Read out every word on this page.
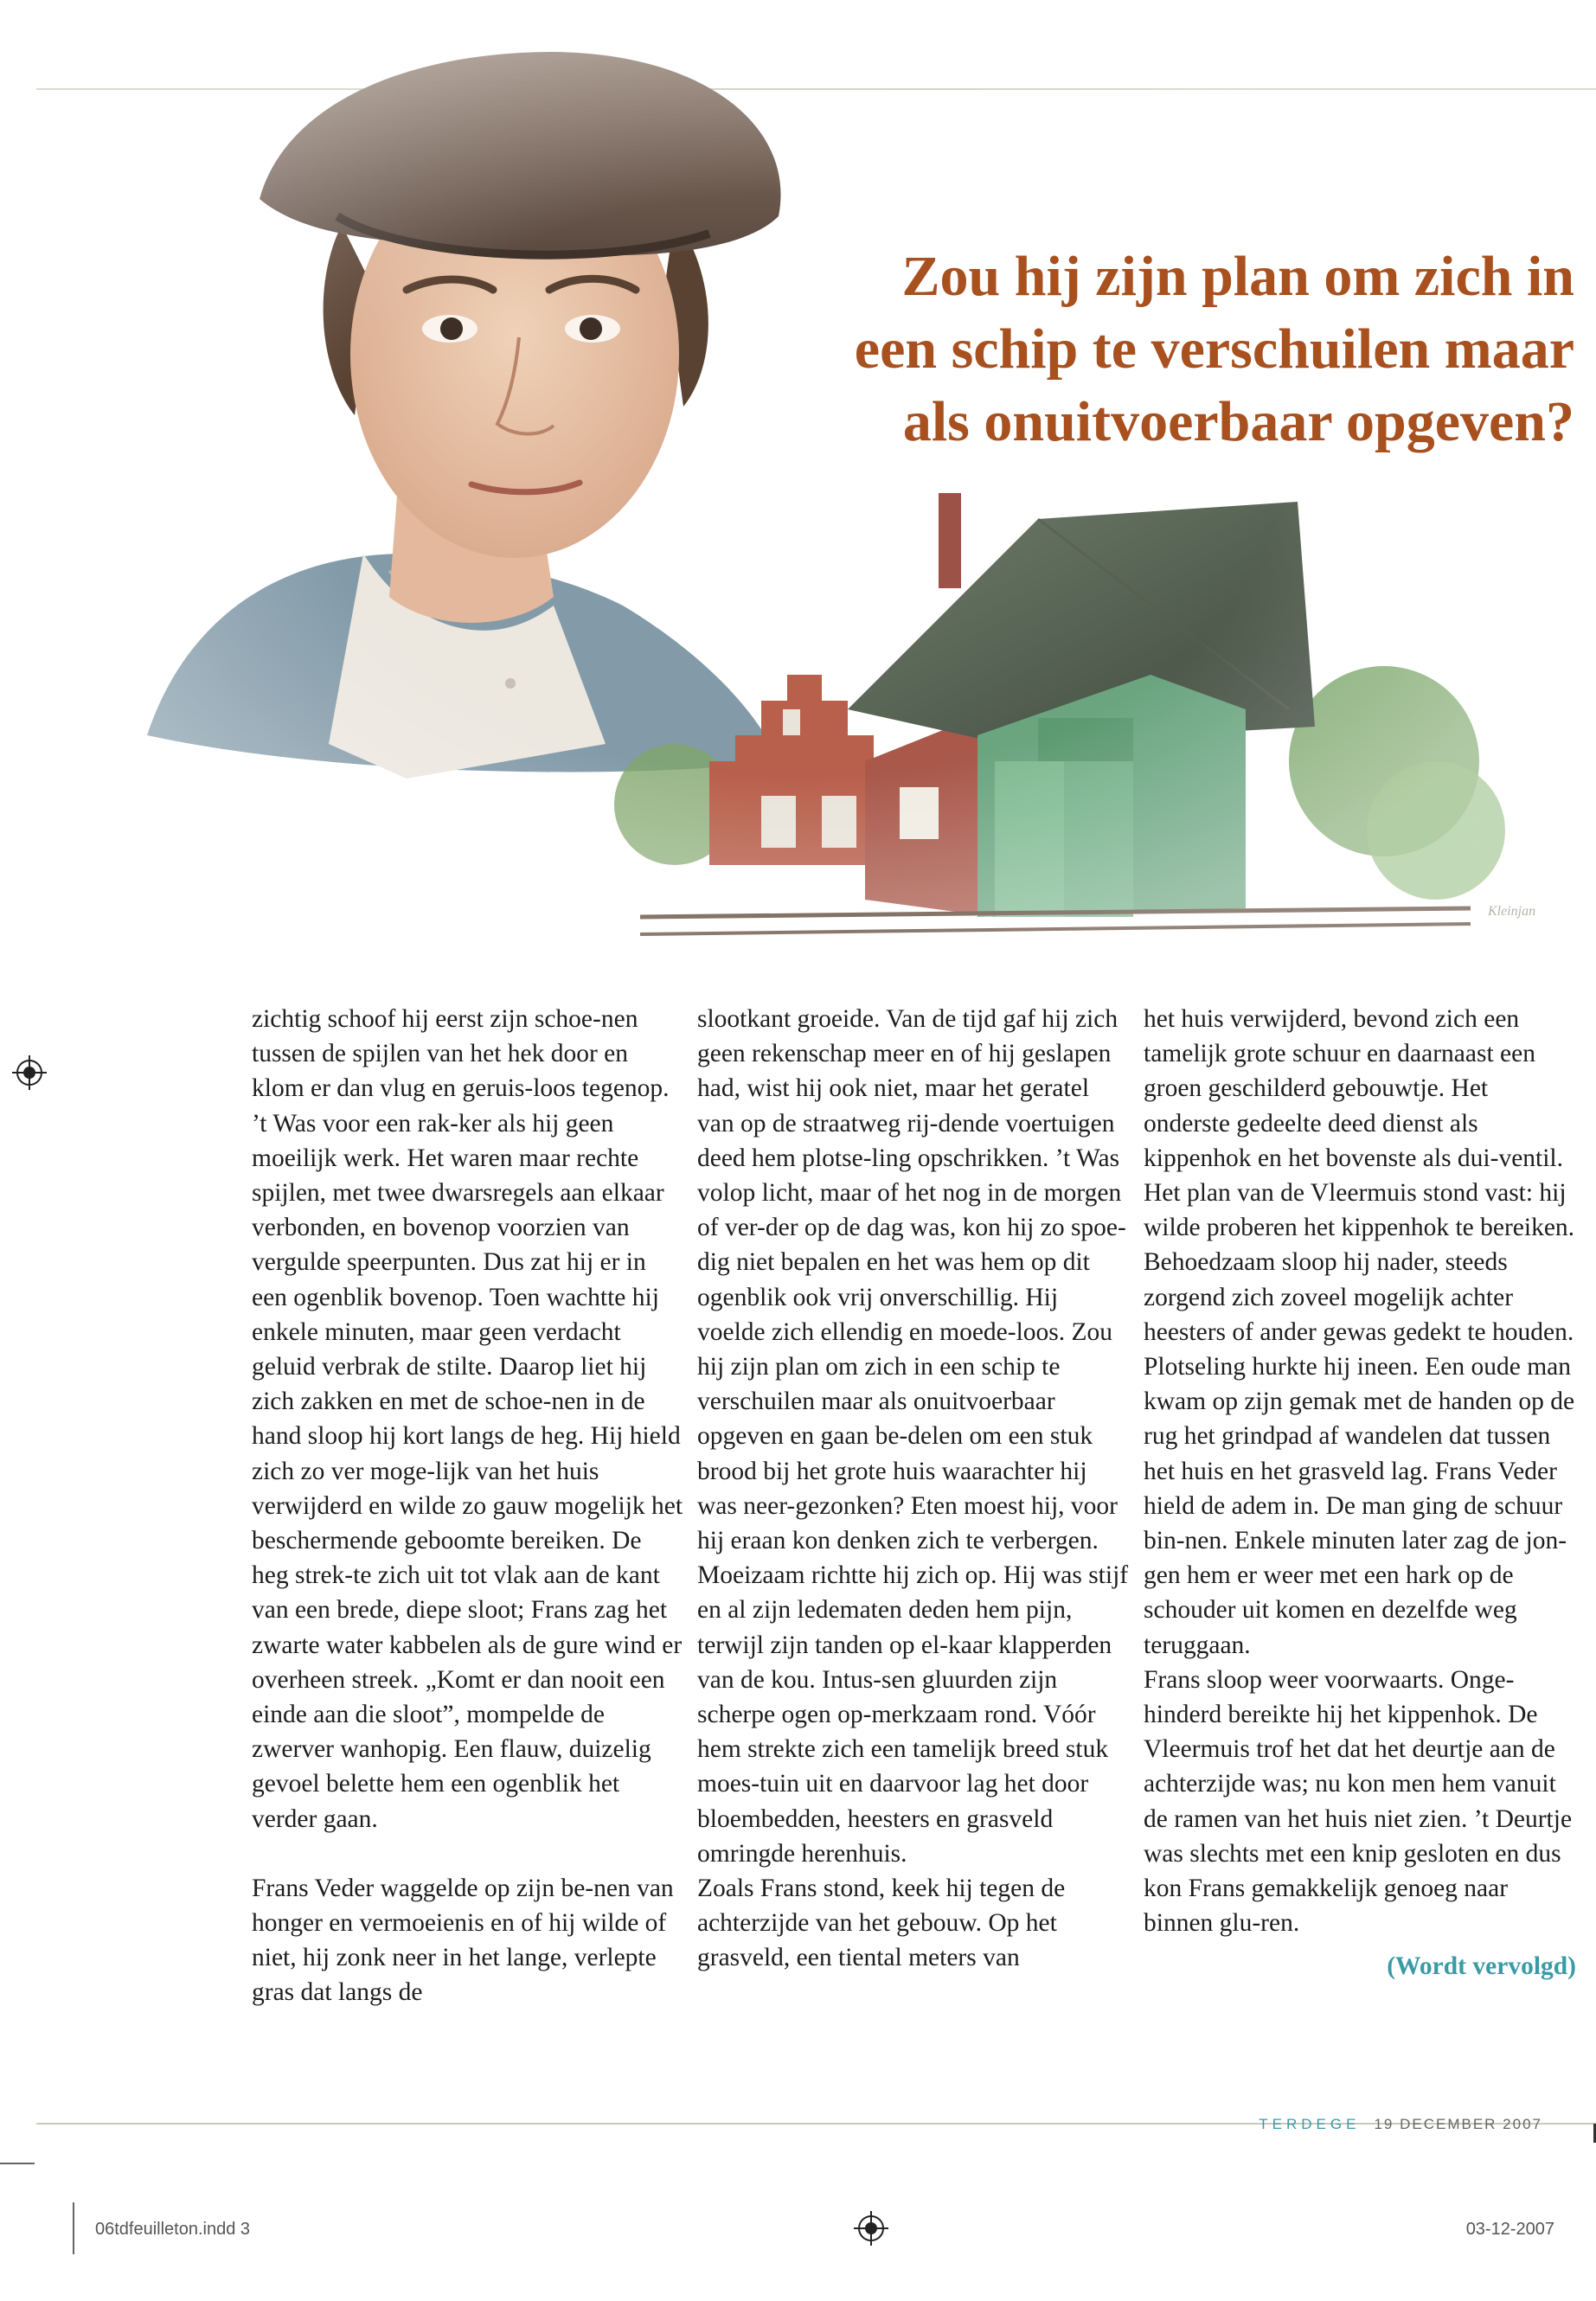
Kleinjan
Zou hij zijn plan om zich in
een schip te verschuilen maar
als onuitvoerbaar opgeven?

zichtig schoof hij eerst zijn schoe-nen tussen de spijlen van het hek door en klom er dan vlug en geruis-loos tegenop. ’t Was voor een rak-ker als hij geen moeilijk werk. Het waren maar rechte spijlen, met twee dwarsregels aan elkaar verbonden, en bovenop voorzien van vergulde speerpunten. Dus zat hij er in een ogenblik bovenop. Toen wachtte hij enkele minuten, maar geen verdacht geluid verbrak de stilte. Daarop liet hij zich zakken en met de schoe-nen in de hand sloop hij kort langs de heg. Hij hield zich zo ver moge-lijk van het huis verwijderd en wilde zo gauw mogelijk het beschermende geboomte bereiken. De heg strek-te zich uit tot vlak aan de kant van een brede, diepe sloot; Frans zag het zwarte water kabbelen als de gure wind er overheen streek. „Komt er dan nooit een einde aan die sloot”, mompelde de zwerver wanhopig. Een flauw, duizelig gevoel belette hem een ogenblik het verder gaan.

Frans Veder waggelde op zijn be-nen van honger en vermoeienis en of hij wilde of niet, hij zonk neer in het lange, verlepte gras dat langs de

slootkant groeide. Van de tijd gaf hij zich geen rekenschap meer en of hij geslapen had, wist hij ook niet, maar het geratel van op de straatweg rij-dende voertuigen deed hem plotse-ling opschrikken. ’t Was volop licht, maar of het nog in de morgen of ver-der op de dag was, kon hij zo spoe-dig niet bepalen en het was hem op dit ogenblik ook vrij onverschillig. Hij voelde zich ellendig en moede-loos. Zou hij zijn plan om zich in een schip te verschuilen maar als onuitvoerbaar opgeven en gaan be-delen om een stuk brood bij het grote huis waarachter hij was neer-gezonken? Eten moest hij, voor hij eraan kon denken zich te verbergen. Moeizaam richtte hij zich op. Hij was stijf en al zijn ledematen deden hem pijn, terwijl zijn tanden op el-kaar klapperden van de kou. Intus-sen gluurden zijn scherpe ogen op-merkzaam rond. Vóór hem strekte zich een tamelijk breed stuk moes-tuin uit en daarvoor lag het door bloembedden, heesters en grasveld omringde herenhuis.

Zoals Frans stond, keek hij tegen de achterzijde van het gebouw. Op het grasveld, een tiental meters van

het huis verwijderd, bevond zich een tamelijk grote schuur en daarnaast een groen geschilderd gebouwtje. Het onderste gedeelte deed dienst als kippenhok en het bovenste als dui-ventil. Het plan van de Vleermuis stond vast: hij wilde proberen het kippenhok te bereiken. Behoedzaam sloop hij nader, steeds zorgend zich zoveel mogelijk achter heesters of ander gewas gedekt te houden. Plotseling hurkte hij ineen. Een oude man kwam op zijn gemak met de handen op de rug het grindpad af wandelen dat tussen het huis en het grasveld lag. Frans Veder hield de adem in. De man ging de schuur bin-nen. Enkele minuten later zag de jon-gen hem er weer met een hark op de schouder uit komen en dezelfde weg teruggaan.

Frans sloop weer voorwaarts. Onge-hinderd bereikte hij het kippenhok. De Vleermuis trof het dat het deurtje aan de achterzijde was; nu kon men hem vanuit de ramen van het huis niet zien. ’t Deurtje was slechts met een knip gesloten en dus kon Frans gemakkelijk genoeg naar binnen glu-ren.

(Wordt vervolgd)

TERDEGE 19 DECEMBER 2007
06tdfeuilleton.indd 3	03-12-2007
